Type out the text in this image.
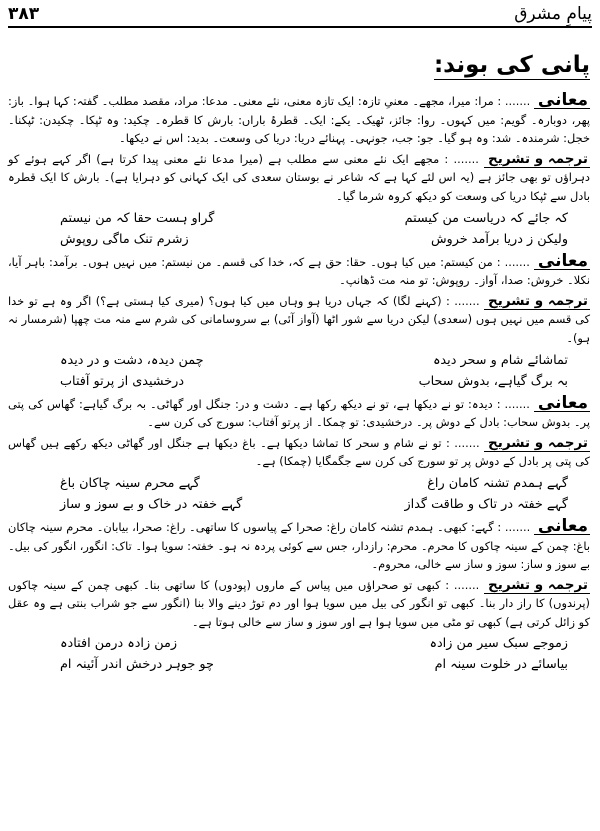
۳۸۳	پیامِ مشرق
پانی کی بوند:

معانی ....... : مرا: میرا، مجھے۔ معنیِ تازہ: ایک تازہ معنی، نئے معنی۔ مدعا: مراد، مقصد مطلب۔ گفتہ: کہا ہوا۔ باز: پھر، دوبارہ۔ گویم: میں کہوں۔ روا: جائز، ٹھیک۔ یکے: ایک۔ قطرۂ باراں: بارش کا قطرہ۔ چکید: وہ ٹپکا۔ چکیدن: ٹپکنا۔ خجل: شرمندہ۔ شد: وہ ہو گیا۔ جو: جب، جونہی۔ پہنائے دریا: دریا کی وسعت۔ بدید: اس نے دیکھا۔

ترجمہ و تشریح ....... : مجھے ایک نئے معنی سے مطلب ہے (میرا مدعا نئے معنی پیدا کرتا ہے) اگر کہے ہوئے کو دہراؤں تو بھی جائز ہے (یہ اس لئے کہا ہے کہ شاعر نے بوستان سعدی کی ایک کہانی کو دہرایا ہے)۔ بارش کا ایک قطرہ بادل سے ٹپکا دریا کی وسعت کو دیکھ کروہ شرما گیا۔

کہ جائے کہ دریاست من کیستم
گراو ہست حقا کہ من نیستم
ولیکن ز دریا برآمد خروش
زشرم تنک ماگی روپوش

معانی ....... : من کیستم: میں کیا ہوں۔ حقا: حق ہے کہ، خدا کی قسم۔ من نیستم: میں نہیں ہوں۔ برآمد: باہر آیا، نکلا۔ خروش: صدا، آواز۔ روپوش: تو منہ مت ڈھانپ۔

ترجمہ و تشریح ....... : (کہنے لگا) کہ جہاں دریا ہو وہاں میں کیا ہوں؟ (میری کیا ہستی ہے؟) اگر وہ ہے تو خدا کی قسم میں نہیں ہوں (سعدی) لیکن دریا سے شور اٹھا (آواز آئی) بے سروسامانی کی شرم سے منہ مت چھپا (شرمسار نہ ہو)۔

تماشائے شام و سحر دیدہ
چمن دیدہ، دشت و در دیدہ
بہ برگ گیاہے، بدوش سحاب
درخشیدی از پرتو آفتاب

معانی ....... : دیدہ: تو نے دیکھا ہے، تو نے دیکھ رکھا ہے۔ دشت و در: جنگل اور گھاٹی۔ بہ برگ گیاہے: گھاس کی پتی پر۔ بدوش سحاب: بادل کے دوش پر۔ درخشیدی: تو چمکا۔ از پرتو آفتاب: سورج کی کرن سے۔

ترجمہ و تشریح ....... : تو نے شام و سحر کا تماشا دیکھا ہے۔ باغ دیکھا ہے جنگل اور گھاٹی دیکھ رکھے ہیں گھاس کی پتی پر بادل کے دوش پر تو سورج کی کرن سے جگمگایا (چمکا) ہے۔

گہے ہمدم تشنہ کامان راغ
گہے محرم سینہ چاکان باغ
گہے خفتہ در تاک و طاقت گداز
گہے خفتہ در خاک و بے سوز و ساز

معانی ....... : گہے: کبھی۔ ہمدم تشنہ کامان راغ: صحرا کے پیاسوں کا ساتھی۔ راغ: صحرا، بیابان۔ محرم سینہ چاکان باغ: چمن کے سینہ چاکوں کا محرم۔ محرم: رازدار، جس سے کوئی پردہ نہ ہو۔ خفتہ: سویا ہوا۔ تاک: انگور، انگور کی بیل۔ بے سوز و ساز: سوز و ساز سے خالی، محروم۔

ترجمہ و تشریح ....... : کبھی تو صحراؤں میں پیاس کے ماروں (پودوں) کا ساتھی بنا۔ کبھی چمن کے سینہ چاکوں (پرندوں) کا راز دار بنا۔ کبھی تو انگور کی بیل میں سویا ہوا اور دم توڑ دینے والا بنا (انگور سے جو شراب بنتی ہے وہ عقل کو زائل کرتی ہے) کبھی تو مٹی میں سویا ہوا ہے اور سوز و ساز سے خالی ہوتا ہے۔

زموجے سبک سیر من زادہ
زمن زادہ درمن افتادہ
بیاسائے در خلوت سینہ ام
چو جوہر درخش اندر آئینہ ام
